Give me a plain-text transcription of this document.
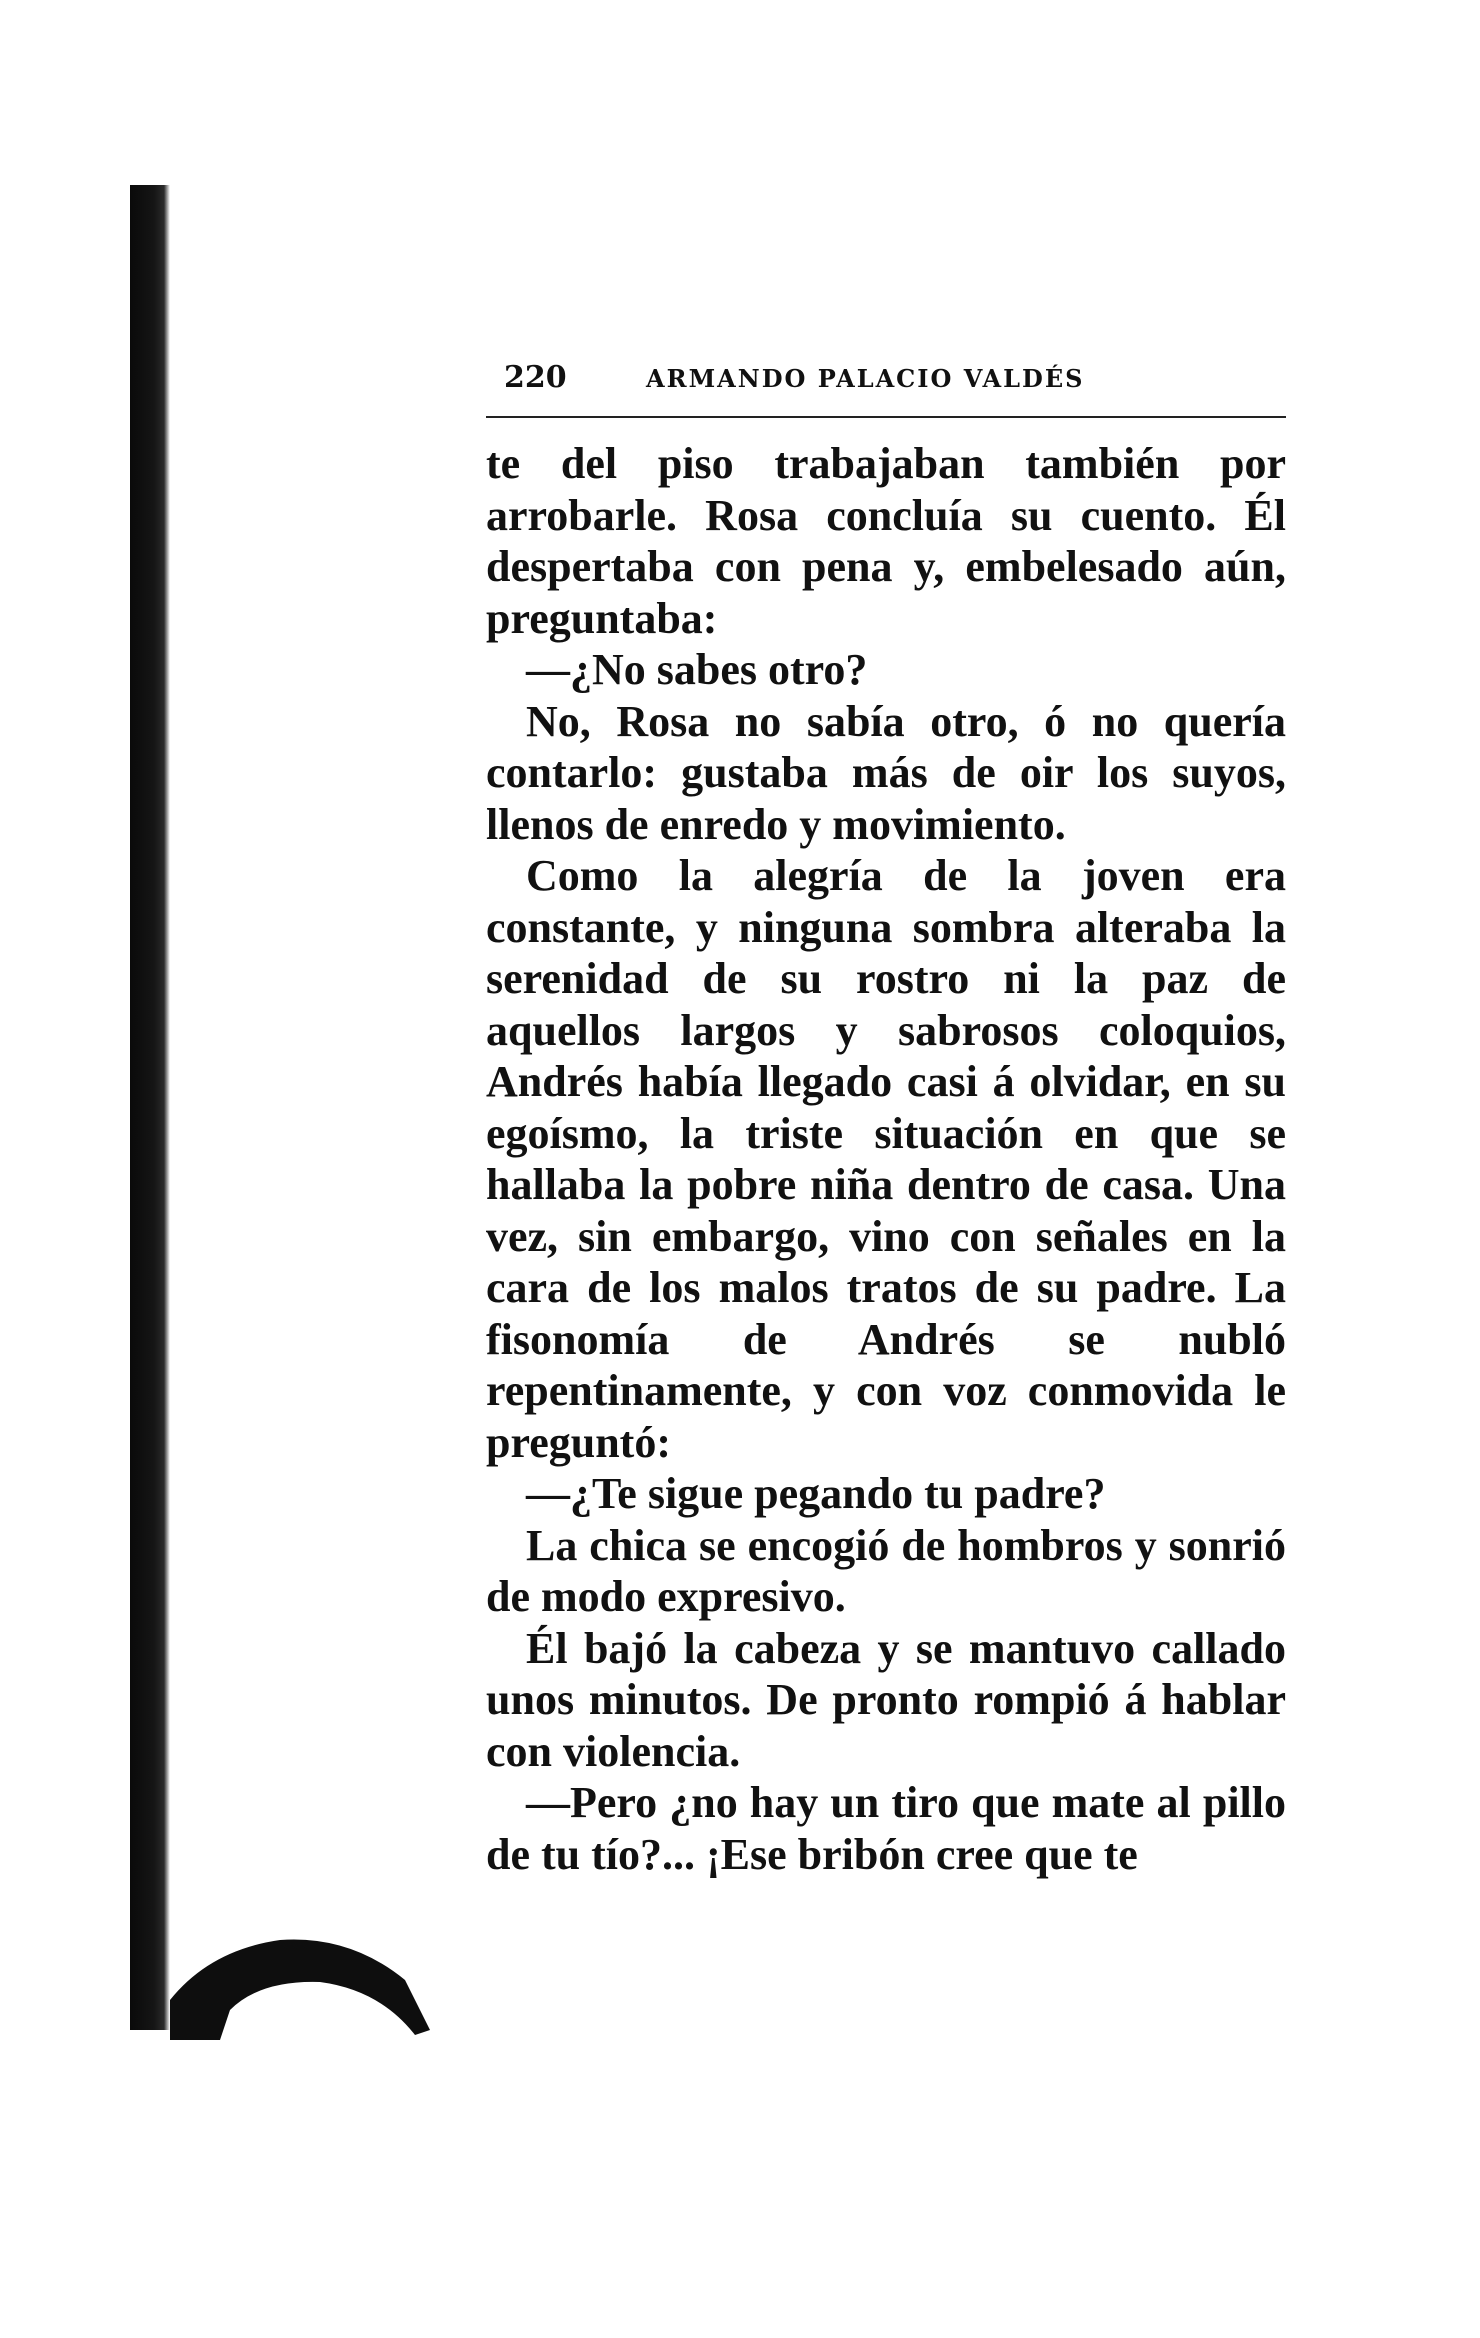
220	ARMANDO PALACIO VALDÉS

te del piso trabajaban también por arrobarle. Rosa concluía su cuento. Él despertaba con pena y, embelesado aún, preguntaba:

—¿No sabes otro?

No, Rosa no sabía otro, ó no quería contarlo: gustaba más de oir los suyos, llenos de enredo y movimiento.

Como la alegría de la joven era constante, y ninguna sombra alteraba la serenidad de su rostro ni la paz de aquellos largos y sabrosos coloquios, Andrés había llegado casi á olvidar, en su egoísmo, la triste situación en que se hallaba la pobre niña dentro de casa. Una vez, sin embargo, vino con señales en la cara de los malos tratos de su padre. La fisonomía de Andrés se nubló repentinamente, y con voz conmovida le preguntó:

—¿Te sigue pegando tu padre?

La chica se encogió de hombros y sonrió de modo expresivo.

Él bajó la cabeza y se mantuvo callado unos minutos. De pronto rompió á hablar con violencia.

—Pero ¿no hay un tiro que mate al pillo de tu tío?... ¡Ese bribón cree que te
